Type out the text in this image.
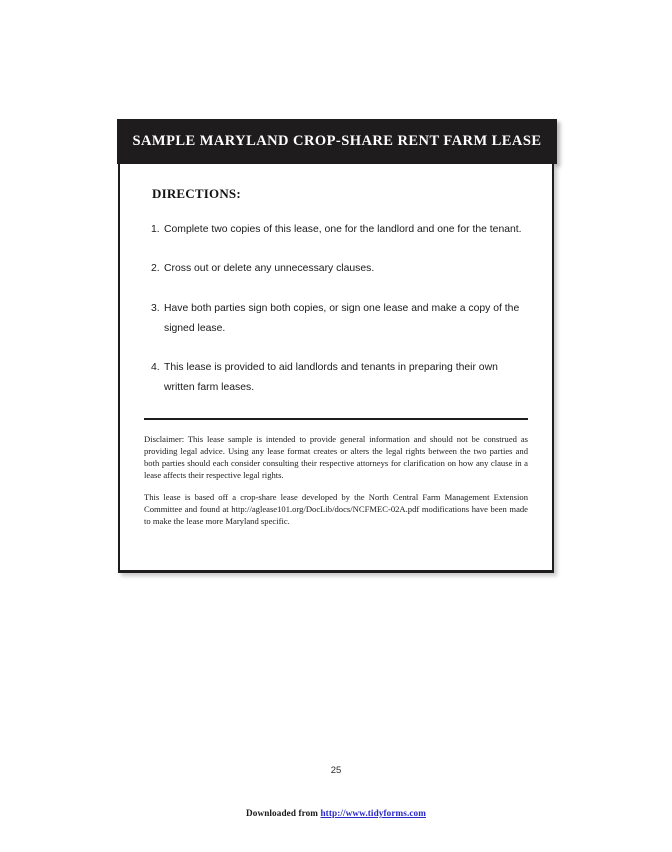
SAMPLE MARYLAND CROP-SHARE RENT FARM LEASE
DIRECTIONS:
1. Complete two copies of this lease, one for the landlord and one for the tenant.
2. Cross out or delete any unnecessary clauses.
3. Have both parties sign both copies, or sign one lease and make a copy of the signed lease.
4. This lease is provided to aid landlords and tenants in preparing their own written farm leases.

Disclaimer: This lease sample is intended to provide general information and should not be construed as providing legal advice. Using any lease format creates or alters the legal rights between the two parties and both parties should each consider consulting their respective attorneys for clarification on how any clause in a lease affects their respective legal rights.

This lease is based off a crop-share lease developed by the North Central Farm Management Extension Committee and found at http://aglease101.org/DocLib/docs/NCFMEC-02A.pdf modifications have been made to make the lease more Maryland specific.

25
Downloaded from http://www.tidyforms.com
